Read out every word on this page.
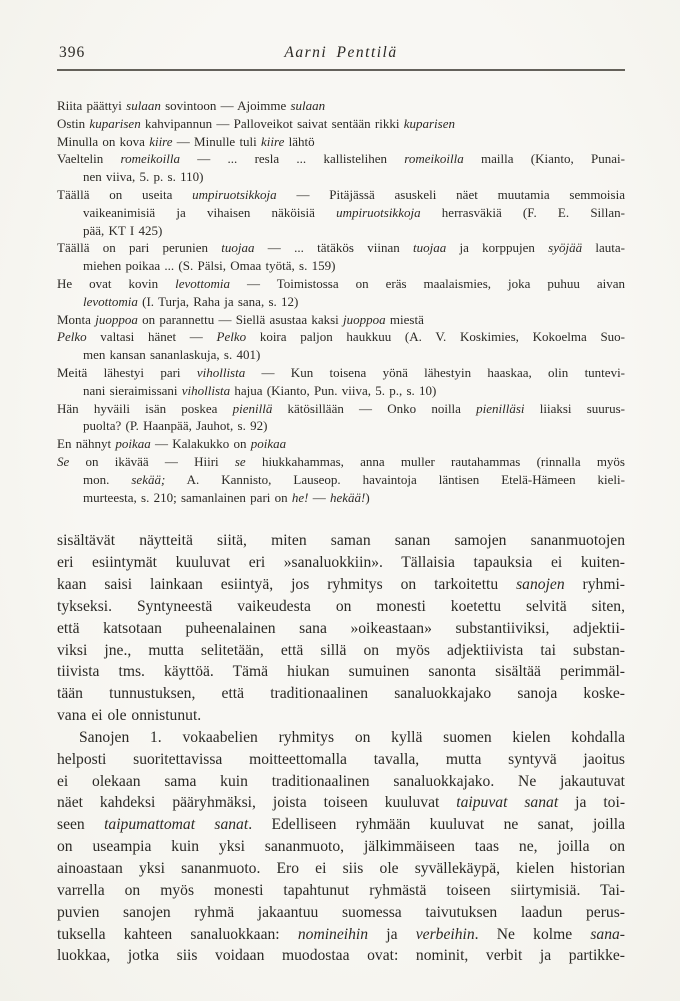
396	Aarni Penttilä
Riita päättyi sulaan sovintoon — Ajoimme sulaan
Ostin kuparisen kahvipannun — Palloveikot saivat sentään rikki kuparisen
Minulla on kova kiire — Minulle tuli kiire lähtö
Vaeltelin romeikoilla — ... resla ... kallistelihen romeikoilla mailla (Kianto, Punai-
nen viiva, 5. p. s. 110)
Täällä on useita umpiruotsikkoja — Pitäjässä asuskeli näet muutamia semmoisia
vaikeanimisiä ja vihaisen näköisiä umpiruotsikkoja herrasväkiä (F. E. Sillan-
pää, KT I 425)
Täällä on pari perunien tuojaa — ... tätäkös viinan tuojaa ja korppujen syöjää lauta-
miehen poikaa ... (S. Pälsi, Omaa työtä, s. 159)
He ovat kovin levottomia — Toimistossa on eräs maalaismies, joka puhuu aivan
levottomia (I. Turja, Raha ja sana, s. 12)
Monta juoppoa on parannettu — Siellä asustaa kaksi juoppoa miestä
Pelko valtasi hänet — Pelko koira paljon haukkuu (A. V. Koskimies, Kokoelma Suo-
men kansan sananlaskuja, s. 401)
Meitä lähestyi pari vihollista — Kun toisena yönä lähestyin haaskaa, olin tuntevi-
nani sieraimissani vihollista hajua (Kianto, Pun. viiva, 5. p., s. 10)
Hän hyväili isän poskea pienillä kätösillään — Onko noilla pienilläsi liiaksi suurus-
puolta? (P. Haanpää, Jauhot, s. 92)
En nähnyt poikaa — Kalakukko on poikaa
Se on ikävää — Hiiri se hiukkahammas, anna muller rautahammas (rinnalla myös
mon. sekää; A. Kannisto, Lauseop. havaintoja läntisen Etelä-Hämeen kieli-
murteesta, s. 210; samanlainen pari on he! — hekää!)
sisältävät näytteitä siitä, miten saman sanan samojen sananmuotojen
eri esiintymät kuuluvat eri »sanaluokkiin». Tällaisia tapauksia ei kuiten-
kaan saisi lainkaan esiintyä, jos ryhmitys on tarkoitettu sanojen ryhmi-
tykseksi. Syntyneestä vaikeudesta on monesti koetettu selvitä siten,
että katsotaan puheenalainen sana »oikeastaan» substantiiviksi, adjektii-
viksi jne., mutta selitetään, että sillä on myös adjektiivista tai substan-
tiivista tms. käyttöä. Tämä hiukan sumuinen sanonta sisältää perimmäl-
tään tunnustuksen, että traditionaalinen sanaluokkajako sanoja koske-
vana ei ole onnistunut.
Sanojen 1. vokaabelien ryhmitys on kyllä suomen kielen kohdalla
helposti suoritettavissa moitteettomalla tavalla, mutta syntyvä jaoitus
ei olekaan sama kuin traditionaalinen sanaluokkajako. Ne jakautuvat
näet kahdeksi pääryhmäksi, joista toiseen kuuluvat taipuvat sanat ja toi-
seen taipumattomat sanat. Edelliseen ryhmään kuuluvat ne sanat, joilla
on useampia kuin yksi sananmuoto, jälkimmäiseen taas ne, joilla on
ainoastaan yksi sananmuoto. Ero ei siis ole syvällekäypä, kielen historian
varrella on myös monesti tapahtunut ryhmästä toiseen siirtymisiä. Tai-
puvien sanojen ryhmä jakaantuu suomessa taivutuksen laadun perus-
tuksella kahteen sanaluokkaan: nomineihin ja verbeihin. Ne kolme sana-
luokkaa, jotka siis voidaan muodostaa ovat: nominit, verbit ja partikke-
